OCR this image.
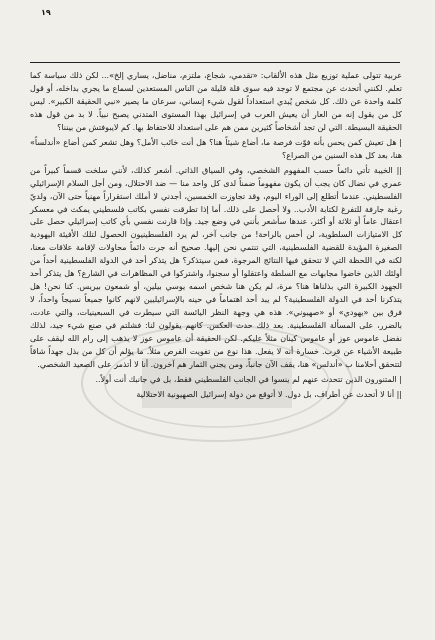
١٩

عربية تتولى عملية توزيع مثل هذه الألقاب: «تقدمي، شجاع، ملتزم، مناضل، يساري إلخ»... لكن ذلك سياسة كما تعلم. لكنني أتحدث عن مجتمع لا توجد فيه سوى قلة قليلة من الناس المستعدين لسماع ما يجري بداخله، أو قول كلمة واحدة عن ذلك. كل شخص يُبدي استعداداً لقول شيء إنساني، سرعان ما يصير «نبي الحقيقة الكبير». ليس كل من يقول إنه من العار أن يعيش العرب في إسرائيل بهذا المستوى المتدني يصبح نبياً. لا بد من قول هذه الحقيقة البسيطة. التي لن تجد أشخاصاً كثيرين ممن هم على استعداد للاحتفاظ بها. كم لايبوفتش من بيننا؟

| هل تعيش كمن يحس بأنه فوّت فرصة ما، أضاع شيئاً هنا؟ هل أنت خائب الأمل؟ وهل تشعر كمن أضاع «أندلساً» هنا، بعد كل هذه السنين من الصراع؟

|| الخيبة تأتي دائماً حسب المفهوم الشخصي، وفي السياق الذاتي. أشعر كذلك، لأنني سلخت قسماً كبيراً من عمري في نضال كان يجب أن يكون مفهوماً ضمناً لدى كل واحد منا — ضد الاحتلال، ومن أجل السلام الإسرائيلي الفلسطيني. عندما أتطلع إلى الوراء اليوم، وقد تجاوزت الخمسين، أجدني لا أملك استقراراً مهنياً حتى الآن، ولديّ رغبة جارفة للتفرغ لكتابة الأدب.. ولا أحصل على ذلك. أما إذا تطرقت نفسي بكاتب فلسطيني يمكث في معسكر اعتقال عاماً أو ثلاثة أو أكثر، عندها سأشعر بأنني في وضع جيد. وإذا قارنت نفسي بأي كاتب إسرائيلي حصل على كل الامتيازات السلطوية، لن أحس بالراحة! من جانب آخر، لم يرد الفلسطينيون الحصول لتلك الأفيئة اليهودية الصغيرة المؤيدة للقضية الفلسطينية، التي تنتمي نحن إليها. صحيح أنه جرت دائماً محاولات لإقامة علاقات معنا، لكنه في اللحظة التي لا تتحقق فيها النتائج المرجوة، فمن سيتذكر؟ هل يتذكر أحد في الدولة الفلسطينية أحداً من أولئك الذين خاضوا مجابهات مع السلطة واعتقلوا أو سجنوا، واشتركوا في المظاهرات في الشارع؟ هل يتذكر أحد الجهود الكبيرة التي بذلناها هنا؟ مرة، لم يكن هنا شخص اسمه يوسي بيلين، أو شمعون بيريس. كنا نحن! هل يتذكرنا أحد في الدولة الفلسطينية؟ لم يبد أحد اهتماماً في حينه بالإسرائيليين لانهم كانوا جميعاً نسيجاً واحداً، لا فرق بين «يهودي» أو «صهيوني». هذه هي وجهة النظر اليائسة التي سيطرت في السبعينيات، والتي عادت، بالضرر، على المسألة الفلسطينية. بعد ذلك حدث العكس. كانهم يقولون لنا: فشلتم في صنع شيء جيد، لذلك نفضل عاموس عوز أو عاموس كينان مثلاً عليكم. لكن الحقيقة أن عاموس عوز لا يذهب إلى رام الله ليقف على طبيعة الأشياء عن قرب. خسارة أنه لا يفعل. هذا نوع من تفويت الفرص مثلاً. ما يؤلم أن كل من بذل جهداً شاقاً لتتحقق أحلامنا ب «أندلس» هنا، يقف الآن جانباً، ومن يجني الثمار هم آخرون. أنا لا أتذمر على الصعيد الشخصي.

| المتنورون الذين تتحدث عنهم لم ينسوا في الجانب الفلسطيني فقط، بل في جانبك أنت أولاً..

|| أنا لا أتحدث عن أطراف، بل دول. لا أتوقع من دولة إسرائيل الصهيونية الاحتلالية
